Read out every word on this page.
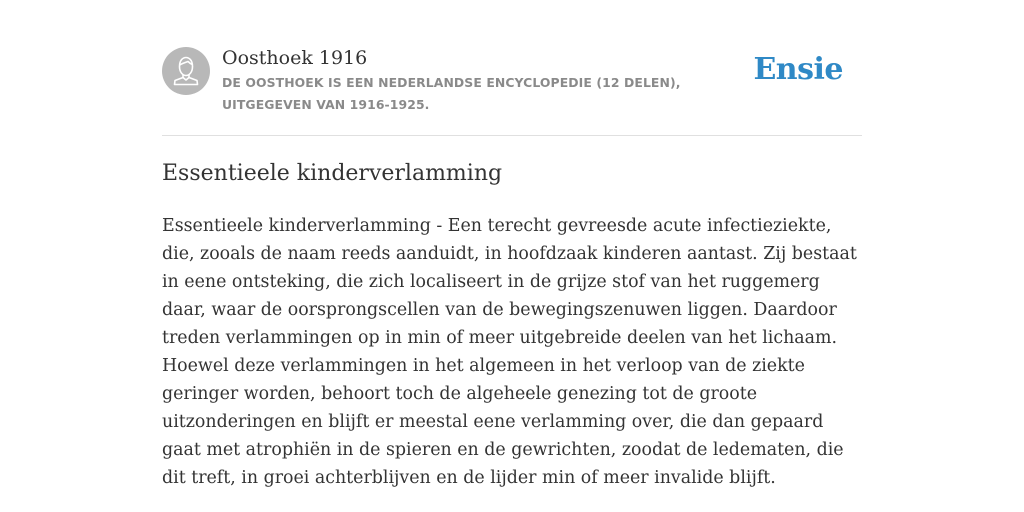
Oosthoek 1916
DE OOSTHOEK IS EEN NEDERLANDSE ENCYCLOPEDIE (12 DELEN), UITGEGEVEN VAN 1916-1925.
Ensie
Essentieele kinderverlamming

Essentieele kinderverlamming - Een terecht gevreesde acute infectieziekte, die, zooals de naam reeds aanduidt, in hoofdzaak kinderen aantast. Zij bestaat in eene ontsteking, die zich localiseert in de grijze stof van het ruggemerg daar, waar de oorsprongscellen van de bewegingszenuwen liggen. Daardoor treden verlammingen op in min of meer uitgebreide deelen van het lichaam. Hoewel deze verlammingen in het algemeen in het verloop van de ziekte geringer worden, behoort toch de algeheele genezing tot de groote uitzonderingen en blijft er meestal eene verlamming over, die dan gepaard gaat met atrophiën in de spieren en de gewrichten, zoodat de ledematen, die dit treft, in groei achterblijven en de lijder min of meer invalide blijft.
